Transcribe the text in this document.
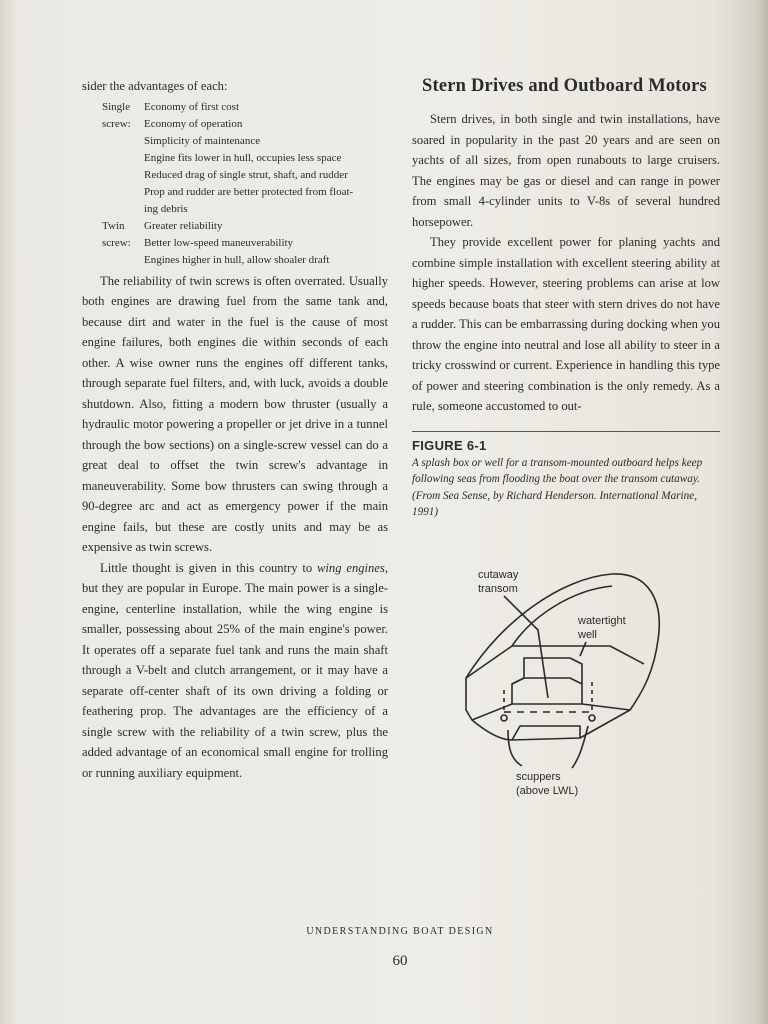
sider the advantages of each:

Single screw:
Economy of first cost
Economy of operation
Simplicity of maintenance
Engine fits lower in hull, occupies less space
Reduced drag of single strut, shaft, and rudder
Prop and rudder are better protected from float-
ing debris
Twin screw:
Greater reliability
Better low-speed maneuverability
Engines higher in hull, allow shoaler draft

The reliability of twin screws is often overrated. Usually both engines are drawing fuel from the same tank and, because dirt and water in the fuel is the cause of most engine failures, both engines die within seconds of each other. A wise owner runs the engines off different tanks, through separate fuel filters, and, with luck, avoids a double shutdown. Also, fitting a modern bow thruster (usually a hydraulic motor powering a propeller or jet drive in a tunnel through the bow sections) on a single-screw vessel can do a great deal to offset the twin screw's advantage in maneuverability. Some bow thrusters can swing through a 90-degree arc and act as emergency power if the main engine fails, but these are costly units and may be as expensive as twin screws.

Little thought is given in this country to wing engines, but they are popular in Europe. The main power is a single-engine, centerline installation, while the wing engine is smaller, possessing about 25% of the main engine's power. It operates off a separate fuel tank and runs the main shaft through a V-belt and clutch arrangement, or it may have a separate off-center shaft of its own driving a folding or feathering prop. The advantages are the efficiency of a single screw with the reliability of a twin screw, plus the added advantage of an economical small engine for trolling or running auxiliary equipment.

Stern Drives and Outboard Motors

Stern drives, in both single and twin installations, have soared in popularity in the past 20 years and are seen on yachts of all sizes, from open runabouts to large cruisers. The engines may be gas or diesel and can range in power from small 4-cylinder units to V-8s of several hundred horsepower.

They provide excellent power for planing yachts and combine simple installation with excellent steering ability at higher speeds. However, steering problems can arise at low speeds because boats that steer with stern drives do not have a rudder. This can be embarrassing during docking when you throw the engine into neutral and lose all ability to steer in a tricky crosswind or current. Experience in handling this type of power and steering combination is the only remedy. As a rule, someone accustomed to out-

FIGURE 6-1
A splash box or well for a transom-mounted outboard helps keep following seas from flooding the boat over the transom cutaway. (From Sea Sense, by Richard Henderson. International Marine, 1991)
cutaway
transom
watertight
well
scuppers
(above LWL)
UNDERSTANDING BOAT DESIGN
60
